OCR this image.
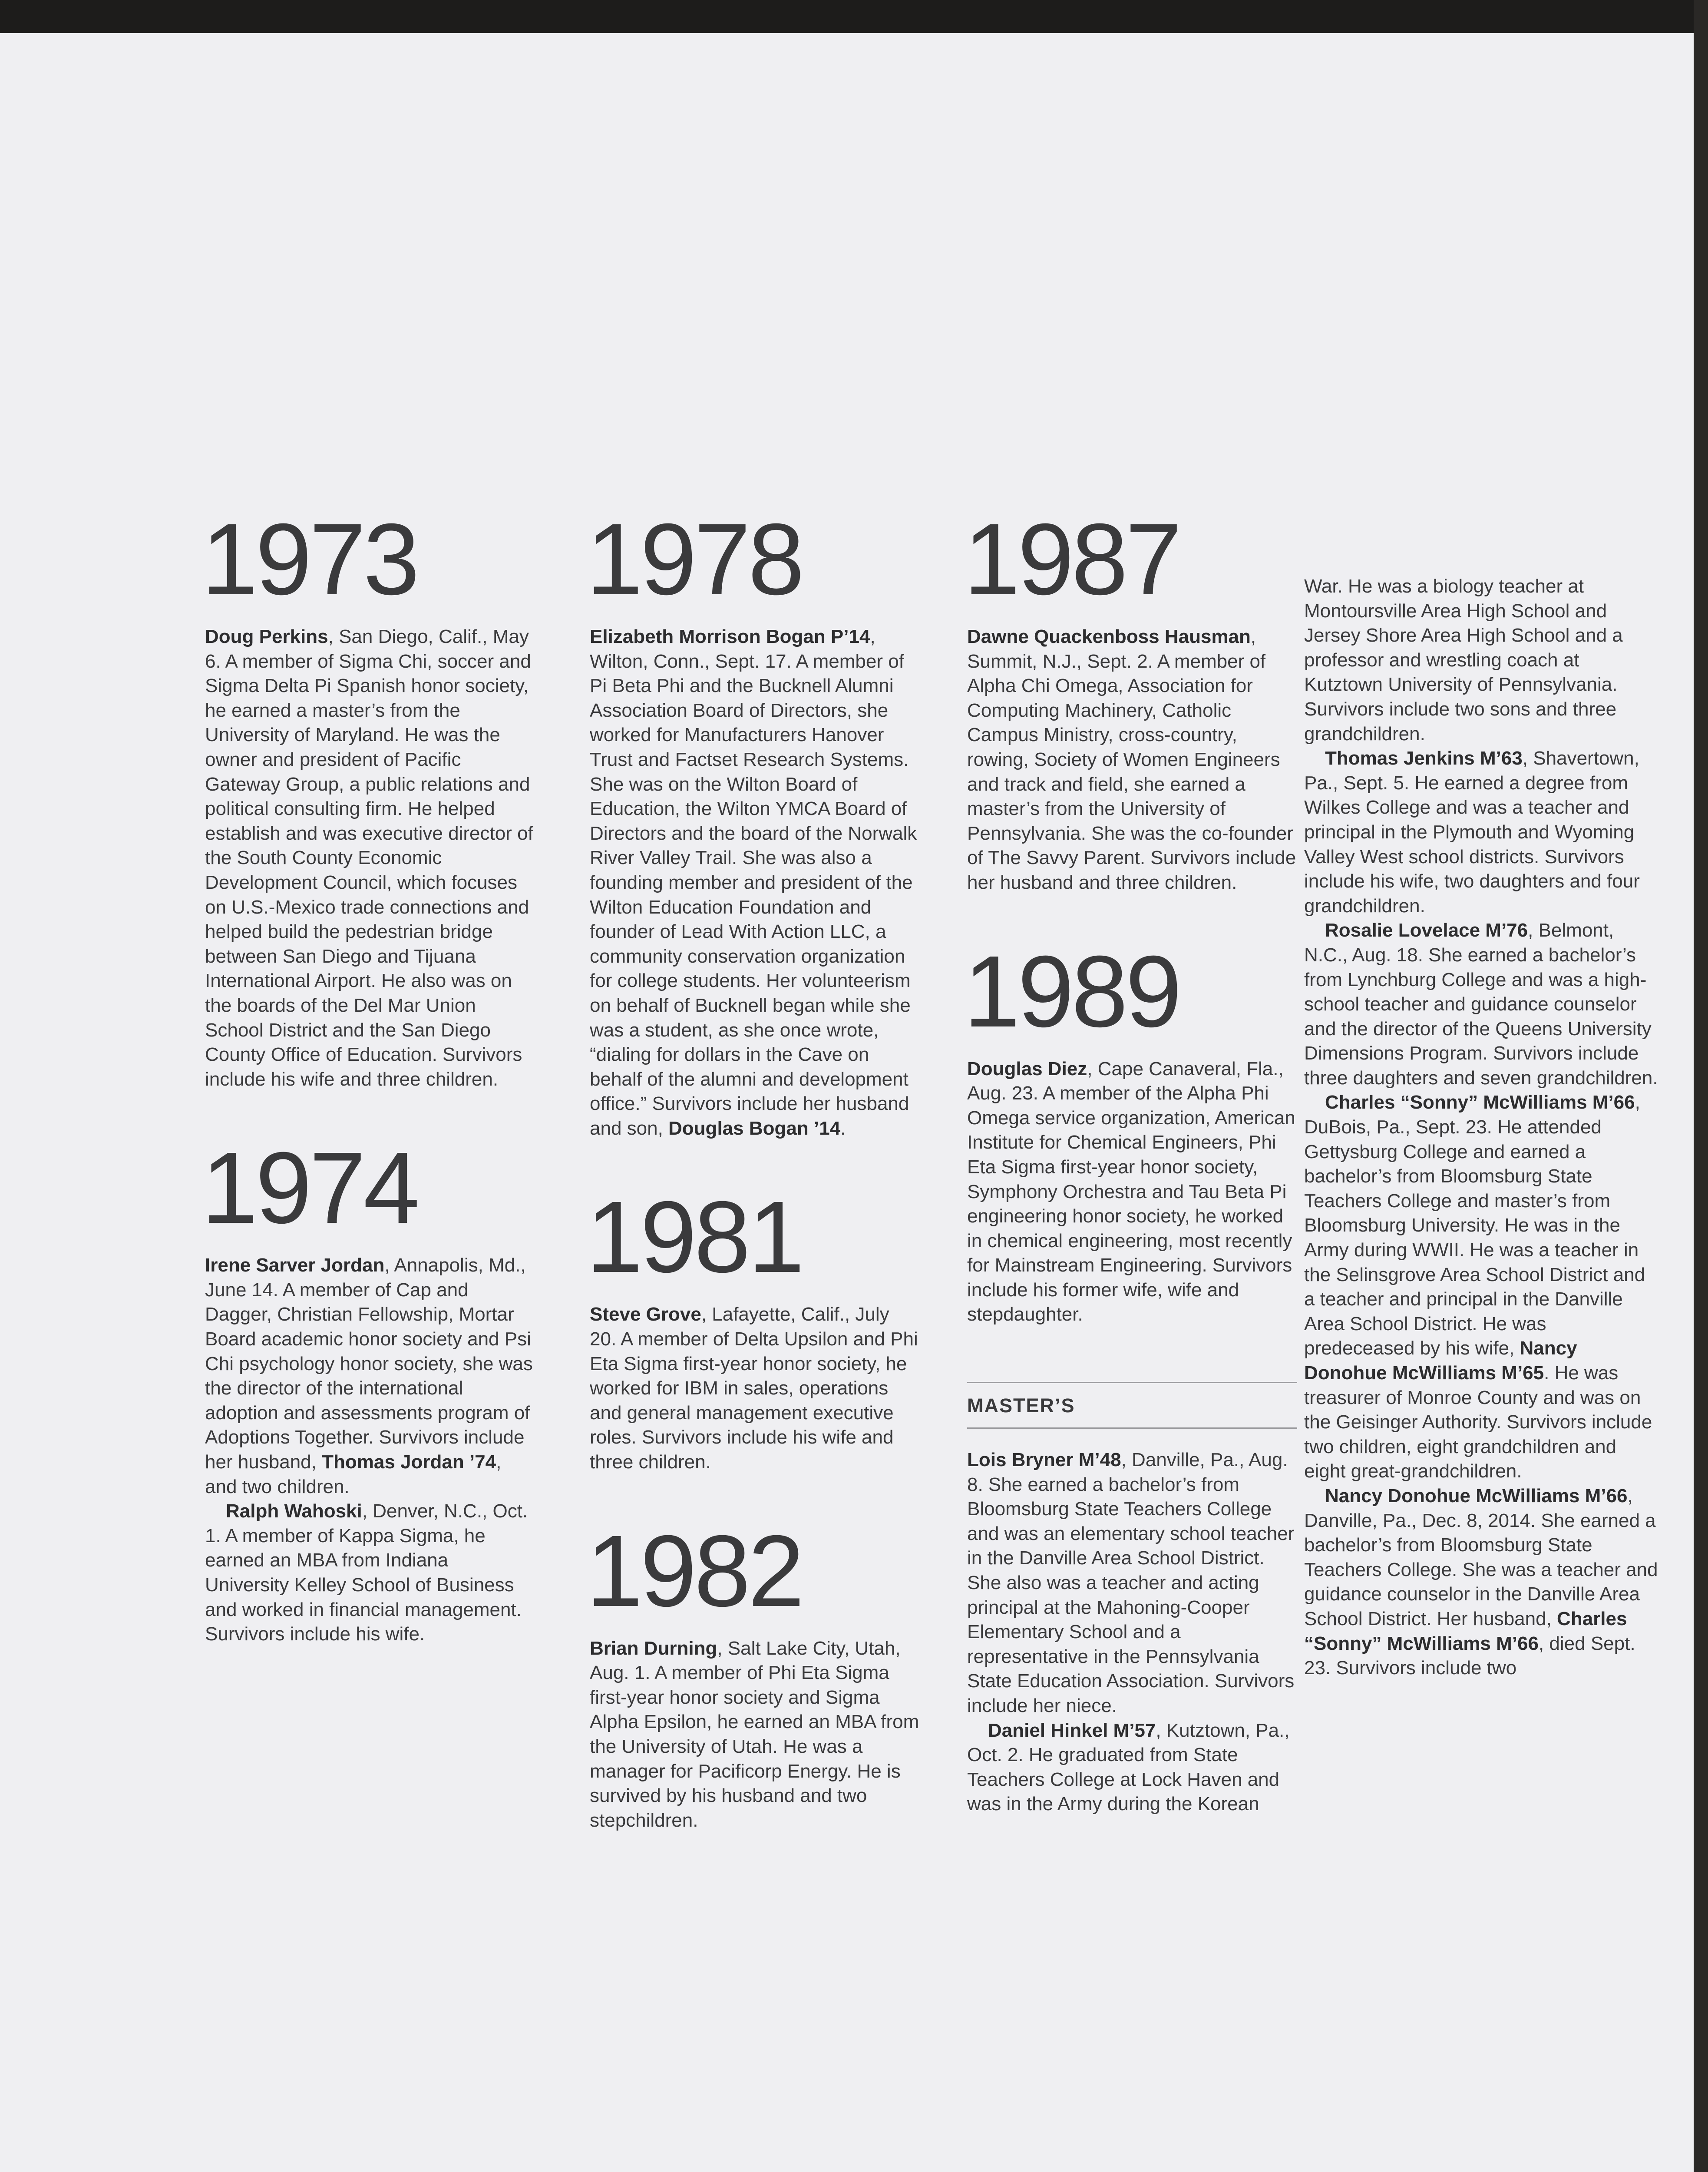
1973

Doug Perkins, San Diego, Calif., May 6. A member of Sigma Chi, soccer and Sigma Delta Pi Spanish honor society, he earned a master’s from the University of Maryland. He was the owner and president of Pacific Gateway Group, a public relations and political consulting firm. He helped establish and was executive director of the South County Economic Development Council, which focuses on U.S.-Mexico trade connections and helped build the pedestrian bridge between San Diego and Tijuana International Airport. He also was on the boards of the Del Mar Union School District and the San Diego County Office of Education. Survivors include his wife and three children.

1974

Irene Sarver Jordan, Annapolis, Md., June 14. A member of Cap and Dagger, Christian Fellowship, Mortar Board academic honor society and Psi Chi psychology honor society, she was the director of the international adoption and assessments program of Adoptions Together. Survivors include her husband, Thomas Jordan ’74, and two children.

Ralph Wahoski, Denver, N.C., Oct. 1. A member of Kappa Sigma, he earned an MBA from Indiana University Kelley School of Business and worked in financial management. Survivors include his wife.

1978

Elizabeth Morrison Bogan P’14, Wilton, Conn., Sept. 17. A member of Pi Beta Phi and the Bucknell Alumni Association Board of Directors, she worked for Manufacturers Hanover Trust and Factset Research Systems. She was on the Wilton Board of Education, the Wilton YMCA Board of Directors and the board of the Norwalk River Valley Trail. She was also a founding member and president of the Wilton Education Foundation and founder of Lead With Action LLC, a community conservation organization for college students. Her volunteerism on behalf of Bucknell began while she was a student, as she once wrote, “dialing for dollars in the Cave on behalf of the alumni and development office.” Survivors include her husband and son, Douglas Bogan ’14.

1981

Steve Grove, Lafayette, Calif., July 20. A member of Delta Upsilon and Phi Eta Sigma first-year honor society, he worked for IBM in sales, operations and general management executive roles. Survivors include his wife and three children.

1982

Brian Durning, Salt Lake City, Utah, Aug. 1. A member of Phi Eta Sigma first-year honor society and Sigma Alpha Epsilon, he earned an MBA from the University of Utah. He was a manager for Pacificorp Energy. He is survived by his husband and two stepchildren.

1987

Dawne Quackenboss Hausman, Summit, N.J., Sept. 2. A member of Alpha Chi Omega, Association for Computing Machinery, Catholic Campus Ministry, cross-country, rowing, Society of Women Engineers and track and field, she earned a master’s from the University of Pennsylvania. She was the co-founder of The Savvy Parent. Survivors include her husband and three children.

1989

Douglas Diez, Cape Canaveral, Fla., Aug. 23. A member of the Alpha Phi Omega service organization, American Institute for Chemical Engineers, Phi Eta Sigma first-year honor society, Symphony Orchestra and Tau Beta Pi engineering honor society, he worked in chemical engineering, most recently for Mainstream Engineering. Survivors include his former wife, wife and stepdaughter.

MASTER’S

Lois Bryner M’48, Danville, Pa., Aug. 8. She earned a bachelor’s from Bloomsburg State Teachers College and was an elementary school teacher in the Danville Area School District. She also was a teacher and acting principal at the Mahoning-Cooper Elementary School and a representative in the Pennsylvania State Education Association. Survivors include her niece.

Daniel Hinkel M’57, Kutztown, Pa., Oct. 2. He graduated from State Teachers College at Lock Haven and was in the Army during the Korean

War. He was a biology teacher at Montoursville Area High School and Jersey Shore Area High School and a professor and wrestling coach at Kutztown University of Pennsylvania. Survivors include two sons and three grandchildren.

Thomas Jenkins M’63, Shavertown, Pa., Sept. 5. He earned a degree from Wilkes College and was a teacher and principal in the Plymouth and Wyoming Valley West school districts. Survivors include his wife, two daughters and four grandchildren.

Rosalie Lovelace M’76, Belmont, N.C., Aug. 18. She earned a bachelor’s from Lynchburg College and was a high-school teacher and guidance counselor and the director of the Queens University Dimensions Program. Survivors include three daughters and seven grandchildren.

Charles “Sonny” McWilliams M’66, DuBois, Pa., Sept. 23. He attended Gettysburg College and earned a bachelor’s from Bloomsburg State Teachers College and master’s from Bloomsburg University. He was in the Army during WWII. He was a teacher in the Selinsgrove Area School District and a teacher and principal in the Danville Area School District. He was predeceased by his wife, Nancy Donohue McWilliams M’65. He was treasurer of Monroe County and was on the Geisinger Authority. Survivors include two children, eight grandchildren and eight great-grandchildren.

Nancy Donohue McWilliams M’66, Danville, Pa., Dec. 8, 2014. She earned a bachelor’s from Bloomsburg State Teachers College. She was a teacher and guidance counselor in the Danville Area School District. Her husband, Charles “Sonny” McWilliams M’66, died Sept. 23. Survivors include two
